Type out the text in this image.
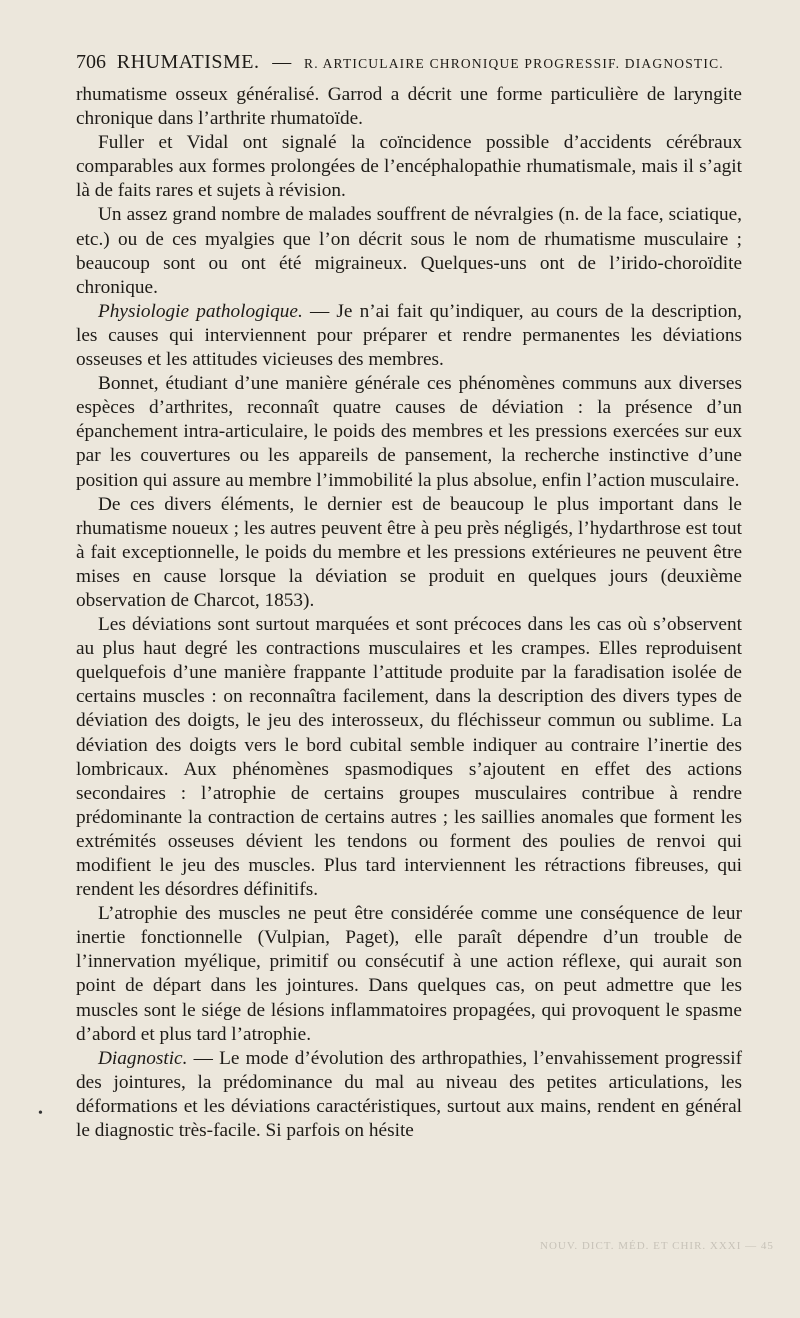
706 RHUMATISME. — R. ARTICULAIRE CHRONIQUE PROGRESSIF. DIAGNOSTIC.

rhumatisme osseux généralisé. Garrod a décrit une forme particulière de laryngite chronique dans l’arthrite rhumatoïde.

Fuller et Vidal ont signalé la coïncidence possible d’accidents cérébraux comparables aux formes prolongées de l’encéphalopathie rhumatismale, mais il s’agit là de faits rares et sujets à révision.

Un assez grand nombre de malades souffrent de névralgies (n. de la face, sciatique, etc.) ou de ces myalgies que l’on décrit sous le nom de rhumatisme musculaire ; beaucoup sont ou ont été migraineux. Quelques-uns ont de l’irido-choroïdite chronique.

Physiologie pathologique. — Je n’ai fait qu’indiquer, au cours de la description, les causes qui interviennent pour préparer et rendre permanentes les déviations osseuses et les attitudes vicieuses des membres.

Bonnet, étudiant d’une manière générale ces phénomènes communs aux diverses espèces d’arthrites, reconnaît quatre causes de déviation : la présence d’un épanchement intra-articulaire, le poids des membres et les pressions exercées sur eux par les couvertures ou les appareils de pansement, la recherche instinctive d’une position qui assure au membre l’immobilité la plus absolue, enfin l’action musculaire.

De ces divers éléments, le dernier est de beaucoup le plus important dans le rhumatisme noueux ; les autres peuvent être à peu près négligés, l’hydarthrose est tout à fait exceptionnelle, le poids du membre et les pressions extérieures ne peuvent être mises en cause lorsque la déviation se produit en quelques jours (deuxième observation de Charcot, 1853).

Les déviations sont surtout marquées et sont précoces dans les cas où s’observent au plus haut degré les contractions musculaires et les crampes. Elles reproduisent quelquefois d’une manière frappante l’attitude produite par la faradisation isolée de certains muscles : on reconnaîtra facilement, dans la description des divers types de déviation des doigts, le jeu des interosseux, du fléchisseur commun ou sublime. La déviation des doigts vers le bord cubital semble indiquer au contraire l’inertie des lombricaux. Aux phénomènes spasmodiques s’ajoutent en effet des actions secondaires : l’atrophie de certains groupes musculaires contribue à rendre prédominante la contraction de certains autres ; les saillies anomales que forment les extrémités osseuses dévient les tendons ou forment des poulies de renvoi qui modifient le jeu des muscles. Plus tard interviennent les rétractions fibreuses, qui rendent les désordres définitifs.

L’atrophie des muscles ne peut être considérée comme une conséquence de leur inertie fonctionnelle (Vulpian, Paget), elle paraît dépendre d’un trouble de l’innervation myélique, primitif ou consécutif à une action réflexe, qui aurait son point de départ dans les jointures. Dans quelques cas, on peut admettre que les muscles sont le siége de lésions inflammatoires propagées, qui provoquent le spasme d’abord et plus tard l’atrophie.

Diagnostic. — Le mode d’évolution des arthropathies, l’envahissement progressif des jointures, la prédominance du mal au niveau des petites articulations, les déformations et les déviations caractéristiques, surtout aux mains, rendent en général le diagnostic très-facile. Si parfois on hésite

•
NOUV. DICT. MÉD. ET CHIR. XXXI — 45
